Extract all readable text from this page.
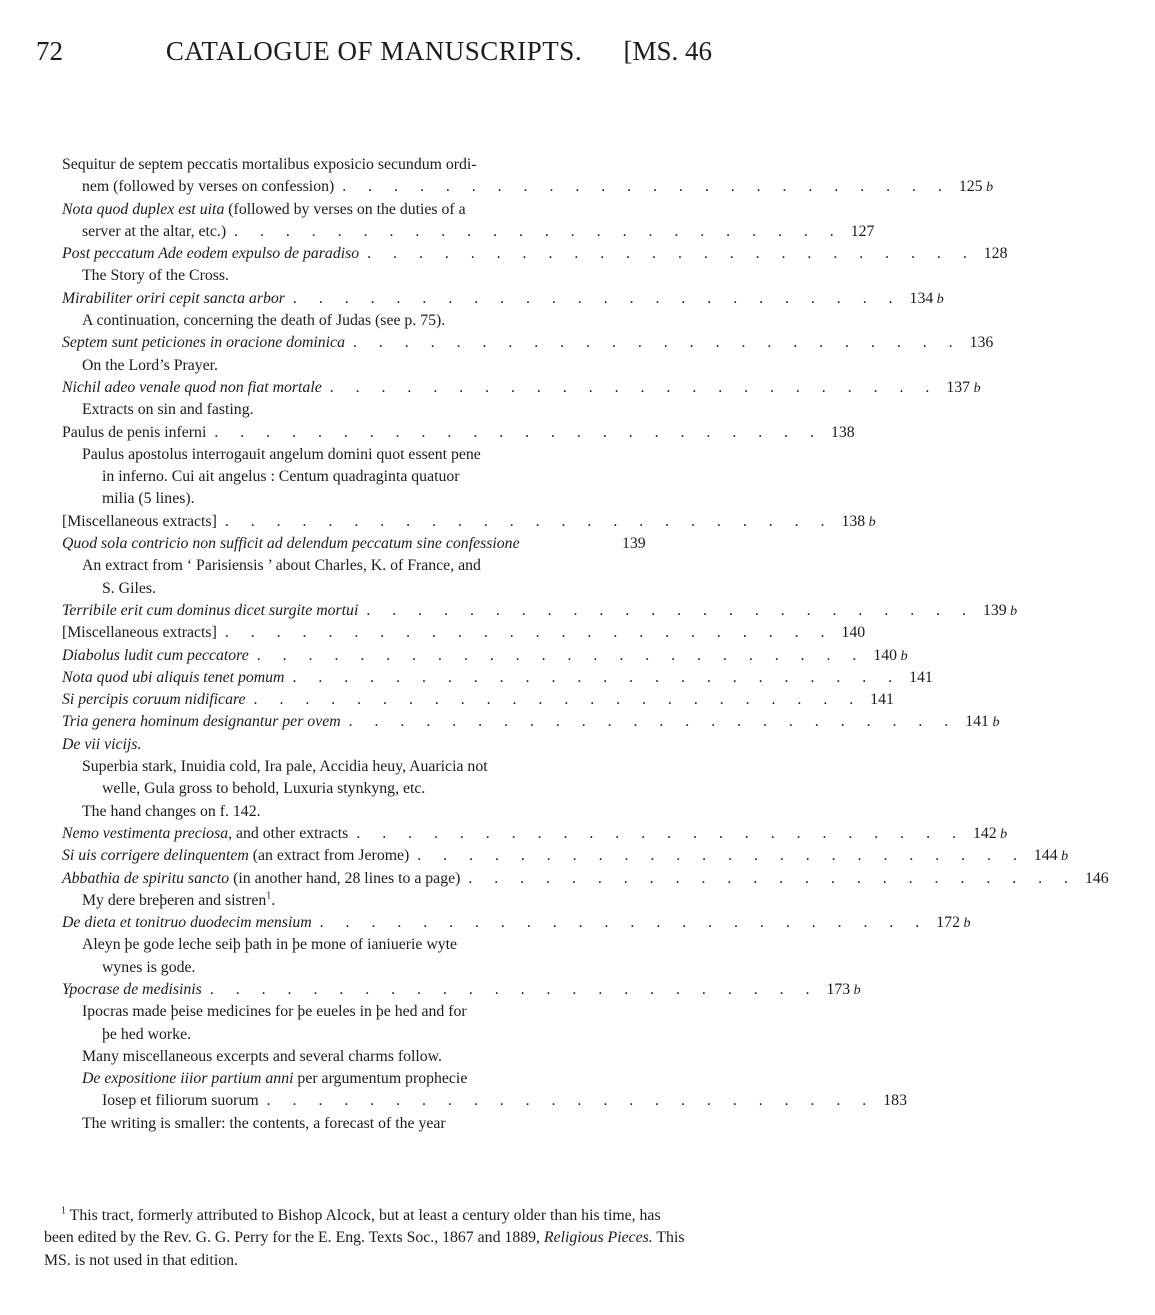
72	CATALOGUE OF MANUSCRIPTS.	[MS. 46
Sequitur de septem peccatis mortalibus exposicio secundum ordi-
nem (followed by verses on confession) . . . . . . . . . . . . . . . . . . . . . . . . 125 b
Nota quod duplex est uita (followed by verses on the duties of a
server at the altar, etc.) . . . . . . . . . . . . . . . . . . . . . . . . 127
Post peccatum Ade eodem expulso de paradiso . . . . . . . . . . . . . . . . . . . . . . . . 128
The Story of the Cross.
Mirabiliter oriri cepit sancta arbor . . . . . . . . . . . . . . . . . . . . . . . . 134 b
A continuation, concerning the death of Judas (see p. 75).
Septem sunt peticiones in oracione dominica . . . . . . . . . . . . . . . . . . . . . . . . 136
On the Lord’s Prayer.
Nichil adeo venale quod non fiat mortale . . . . . . . . . . . . . . . . . . . . . . . . 137 b
Extracts on sin and fasting.
Paulus de penis inferni . . . . . . . . . . . . . . . . . . . . . . . . 138
Paulus apostolus interrogauit angelum domini quot essent pene
in inferno. Cui ait angelus : Centum quadraginta quatuor
milia (5 lines).
[Miscellaneous extracts] . . . . . . . . . . . . . . . . . . . . . . . . 138 b
Quod sola contricio non sufficit ad delendum peccatum sine confessione	139
An extract from ‘ Parisiensis ’ about Charles, K. of France, and
S. Giles.
Terribile erit cum dominus dicet surgite mortui . . . . . . . . . . . . . . . . . . . . . . . . 139 b
[Miscellaneous extracts] . . . . . . . . . . . . . . . . . . . . . . . . 140
Diabolus ludit cum peccatore . . . . . . . . . . . . . . . . . . . . . . . . 140 b
Nota quod ubi aliquis tenet pomum . . . . . . . . . . . . . . . . . . . . . . . . 141
Si percipis coruum nidificare . . . . . . . . . . . . . . . . . . . . . . . . 141
Tria genera hominum designantur per ovem . . . . . . . . . . . . . . . . . . . . . . . . 141 b
De vii vicijs.
Superbia stark, Inuidia cold, Ira pale, Accidia heuy, Auaricia not
welle, Gula gross to behold, Luxuria stynkyng, etc.
The hand changes on f. 142.
Nemo vestimenta preciosa, and other extracts . . . . . . . . . . . . . . . . . . . . . . . . 142 b
Si uis corrigere delinquentem (an extract from Jerome) . . . . . . . . . . . . . . . . . . . . . . . . 144 b
Abbathia de spiritu sancto (in another hand, 28 lines to a page) . . . . . . . . . . . . . . . . . . . . . . . . 146
My dere breþeren and sistren$^1$.
De dieta et tonitruo duodecim mensium . . . . . . . . . . . . . . . . . . . . . . . . 172 b
Aleyn þe gode leche seiþ þath in þe mone of ianiuerie wyte
wynes is gode.
Ypocrase de medisinis . . . . . . . . . . . . . . . . . . . . . . . . 173 b
Ipocras made þeise medicines for þe eueles in þe hed and for
þe hed worke.
Many miscellaneous excerpts and several charms follow.
De expositione iiior partium anni per argumentum prophecie
Iosep et filiorum suorum . . . . . . . . . . . . . . . . . . . . . . . . 183
The writing is smaller: the contents, a forecast of the year
$^1$ This tract, formerly attributed to Bishop Alcock, but at least a century older than his time, has been edited by the Rev. G. G. Perry for the E. Eng. Texts Soc., 1867 and 1889, Religious Pieces. This MS. is not used in that edition.
